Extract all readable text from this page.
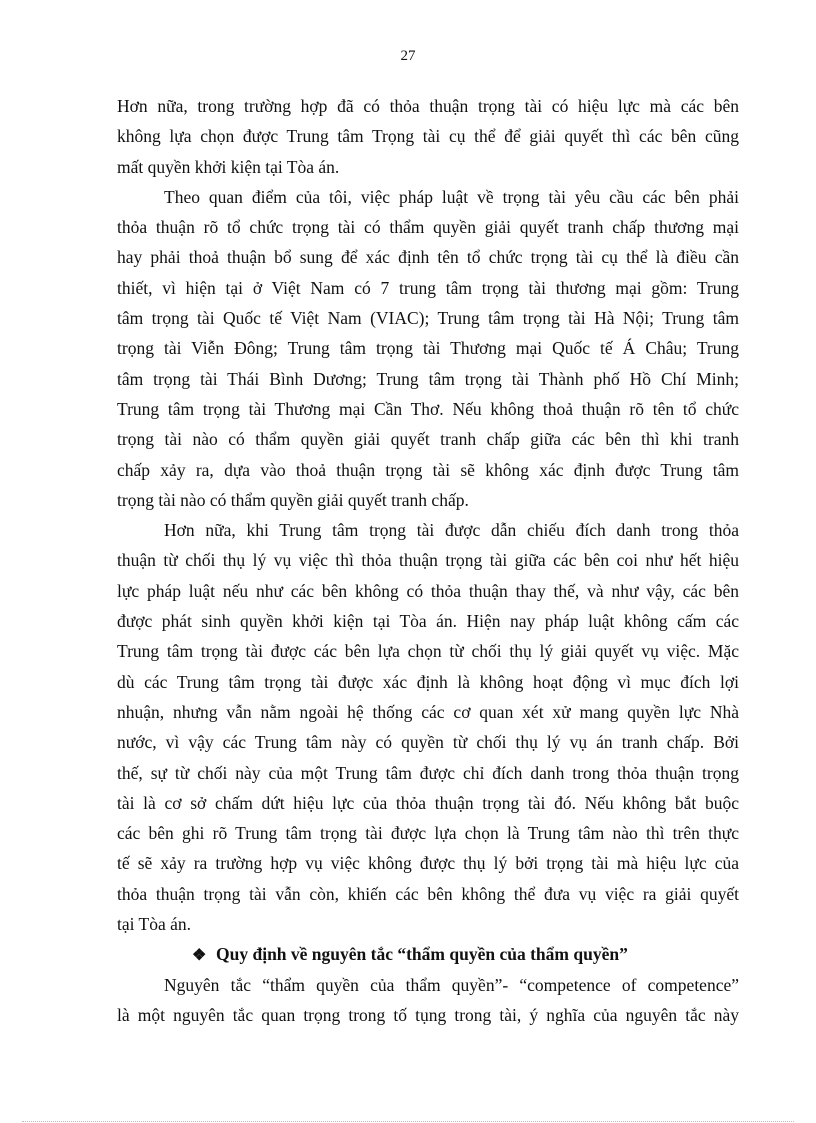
27
Hơn nữa, trong trường hợp đã có thỏa thuận trọng tài có hiệu lực mà các bên
không lựa chọn được Trung tâm Trọng tài cụ thể để giải quyết thì các bên cũng
mất quyền khởi kiện tại Tòa án.
Theo quan điểm của tôi, việc pháp luật về trọng tài yêu cầu các bên phải
thỏa thuận rõ tổ chức trọng tài có thẩm quyền giải quyết tranh chấp thương mại
hay phải thoả thuận bổ sung để xác định tên tổ chức trọng tài cụ thể là điều cần
thiết, vì hiện tại ở Việt Nam có 7 trung tâm trọng tài thương mại gồm: Trung
tâm trọng tài Quốc tế Việt Nam (VIAC); Trung tâm trọng tài Hà Nội; Trung tâm
trọng tài Viễn Đông; Trung tâm trọng tài Thương mại Quốc tế Á Châu; Trung
tâm trọng tài Thái Bình Dương; Trung tâm trọng tài Thành phố Hồ Chí Minh;
Trung tâm trọng tài Thương mại Cần Thơ. Nếu không thoả thuận rõ tên tổ chức
trọng tài nào có thẩm quyền giải quyết tranh chấp giữa các bên thì khi tranh
chấp xảy ra, dựa vào thoả thuận trọng tài sẽ không xác định được Trung tâm
trọng tài nào có thẩm quyền giải quyết tranh chấp.
Hơn nữa, khi Trung tâm trọng tài được dẫn chiếu đích danh trong thỏa
thuận từ chối thụ lý vụ việc thì thỏa thuận trọng tài giữa các bên coi như hết hiệu
lực pháp luật nếu như các bên không có thỏa thuận thay thế, và như vậy, các bên
được phát sinh quyền khởi kiện tại Tòa án. Hiện nay pháp luật không cấm các
Trung tâm trọng tài được các bên lựa chọn từ chối thụ lý giải quyết vụ việc. Mặc
dù các Trung tâm trọng tài được xác định là không hoạt động vì mục đích lợi
nhuận, nhưng vẫn nằm ngoài hệ thống các cơ quan xét xử mang quyền lực Nhà
nước, vì vậy các Trung tâm này có quyền từ chối thụ lý vụ án tranh chấp. Bởi
thế, sự từ chối này của một Trung tâm được chỉ đích danh trong thỏa thuận trọng
tài là cơ sở chấm dứt hiệu lực của thỏa thuận trọng tài đó. Nếu không bắt buộc
các bên ghi rõ Trung tâm trọng tài được lựa chọn là Trung tâm nào thì trên thực
tế sẽ xảy ra trường hợp vụ việc không được thụ lý bởi trọng tài mà hiệu lực của
thỏa thuận trọng tài vẫn còn, khiến các bên không thể đưa vụ việc ra giải quyết
tại Tòa án.
❖ Quy định về nguyên tắc “thẩm quyền của thẩm quyền”
Nguyên tắc “thẩm quyền của thẩm quyền”- “competence of competence”
là một nguyên tắc quan trọng trong tố tụng trong tài, ý nghĩa của nguyên tắc này
